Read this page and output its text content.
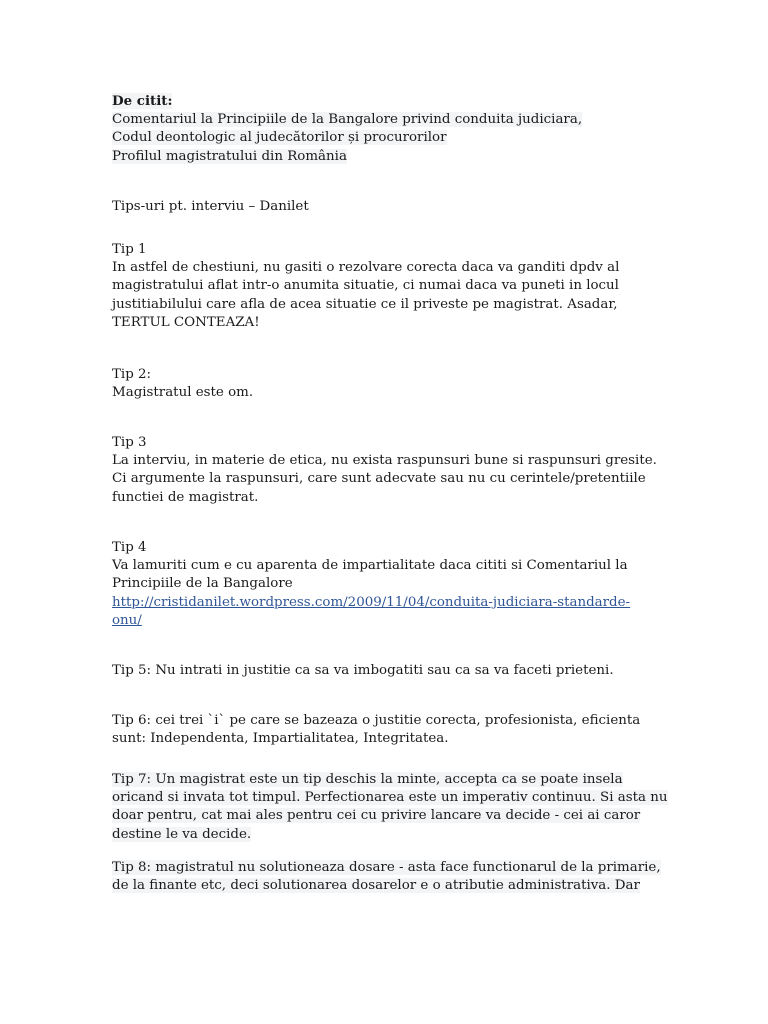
De citit:
Comentariul la Principiile de la Bangalore privind conduita judiciara,
Codul deontologic al judecătorilor și procurorilor
Profilul magistratului din România
Tips-uri pt. interviu – Danilet
Tip 1
In astfel de chestiuni, nu gasiti o rezolvare corecta daca va ganditi dpdv al
magistratului aflat intr-o anumita situatie, ci numai daca va puneti in locul
justitiabilului care afla de acea situatie ce il priveste pe magistrat. Asadar,
TERTUL CONTEAZA!
Tip 2:
Magistratul este om.
Tip 3
La interviu, in materie de etica, nu exista raspunsuri bune si raspunsuri gresite.
Ci argumente la raspunsuri, care sunt adecvate sau nu cu cerintele/pretentiile
functiei de magistrat.
Tip 4
Va lamuriti cum e cu aparenta de impartialitate daca cititi si Comentariul la
Principiile de la Bangalore
http://cristidanilet.wordpress.com/2009/11/04/conduita-judiciara-standarde-
onu/
Tip 5: Nu intrati in justitie ca sa va imbogatiti sau ca sa va faceti prieteni.
Tip 6: cei trei `i` pe care se bazeaza o justitie corecta, profesionista, eficienta
sunt: Independenta, Impartialitatea, Integritatea.
Tip 7: Un magistrat este un tip deschis la minte, accepta ca se poate insela
oricand si invata tot timpul. Perfectionarea este un imperativ continuu. Si asta nu
doar pentru, cat mai ales pentru cei cu privire lancare va decide - cei ai caror
destine le va decide.
Tip 8: magistratul nu solutioneaza dosare - asta face functionarul de la primarie,
de la finante etc, deci solutionarea dosarelor e o atributie administrativa. Dar
